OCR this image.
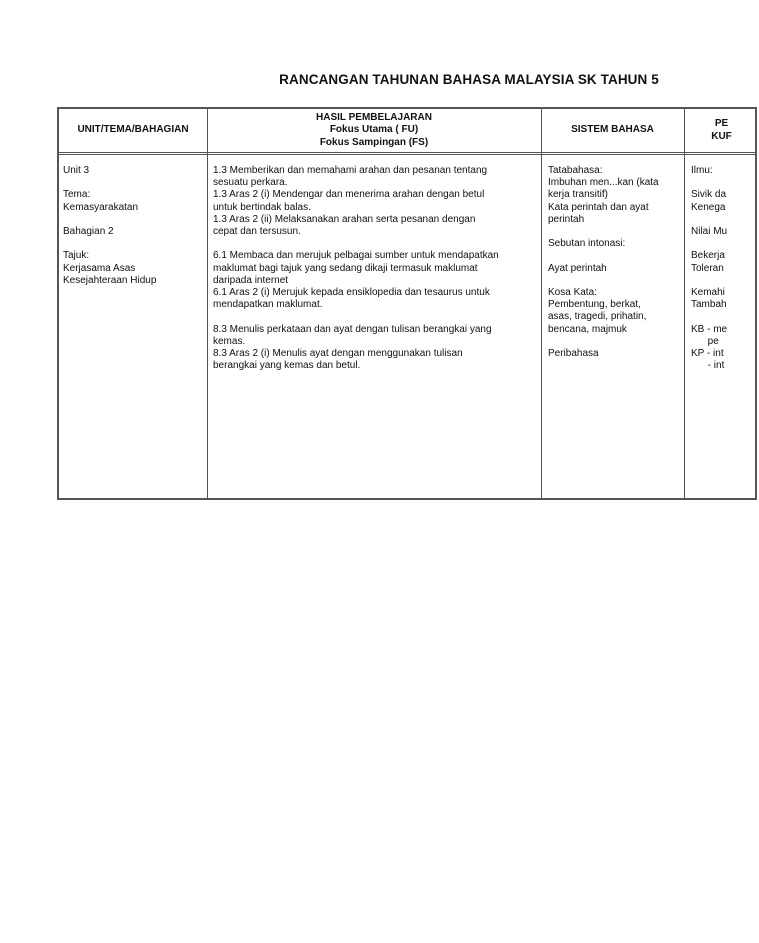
RANCANGAN TAHUNAN BAHASA MALAYSIA SK TAHUN 5
UNIT/TEMA/BAHAGIAN
HASIL PEMBELAJARAN
Fokus Utama ( FU)
Fokus Sampingan (FS)
SISTEM BAHASA
PE
KUF
Unit 3
Tema:
Kemasyarakatan
Bahagian 2
Tajuk:
Kerjasama Asas
Kesejahteraan Hidup
1.3 Memberikan dan memahami arahan dan pesanan tentang
sesuatu perkara.
1.3 Aras 2 (i) Mendengar dan menerima arahan dengan betul
untuk bertindak balas.
1.3 Aras 2 (ii) Melaksanakan arahan serta pesanan dengan
cepat dan tersusun.
6.1 Membaca dan merujuk pelbagai sumber untuk mendapatkan
maklumat bagi tajuk yang sedang dikaji termasuk maklumat
daripada internet
6.1 Aras 2 (i) Merujuk kepada ensiklopedia dan tesaurus untuk
mendapatkan maklumat.
8.3 Menulis perkataan dan ayat dengan tulisan berangkai yang
kemas.
8.3 Aras 2 (i) Menulis ayat dengan menggunakan tulisan
berangkai yang kemas dan betul.
Tatabahasa:
Imbuhan men...kan (kata
kerja transitif)
Kata perintah dan ayat
perintah
Sebutan intonasi:
Ayat perintah
Kosa Kata:
Pembentung, berkat,
asas, tragedi, prihatin,
bencana, majmuk
Peribahasa
Ilmu:
Sivik da
Kenega
Nilai Mu
Bekerja
Toleran
Kemahi
Tambah
KB - me
pe
KP - int
- int
